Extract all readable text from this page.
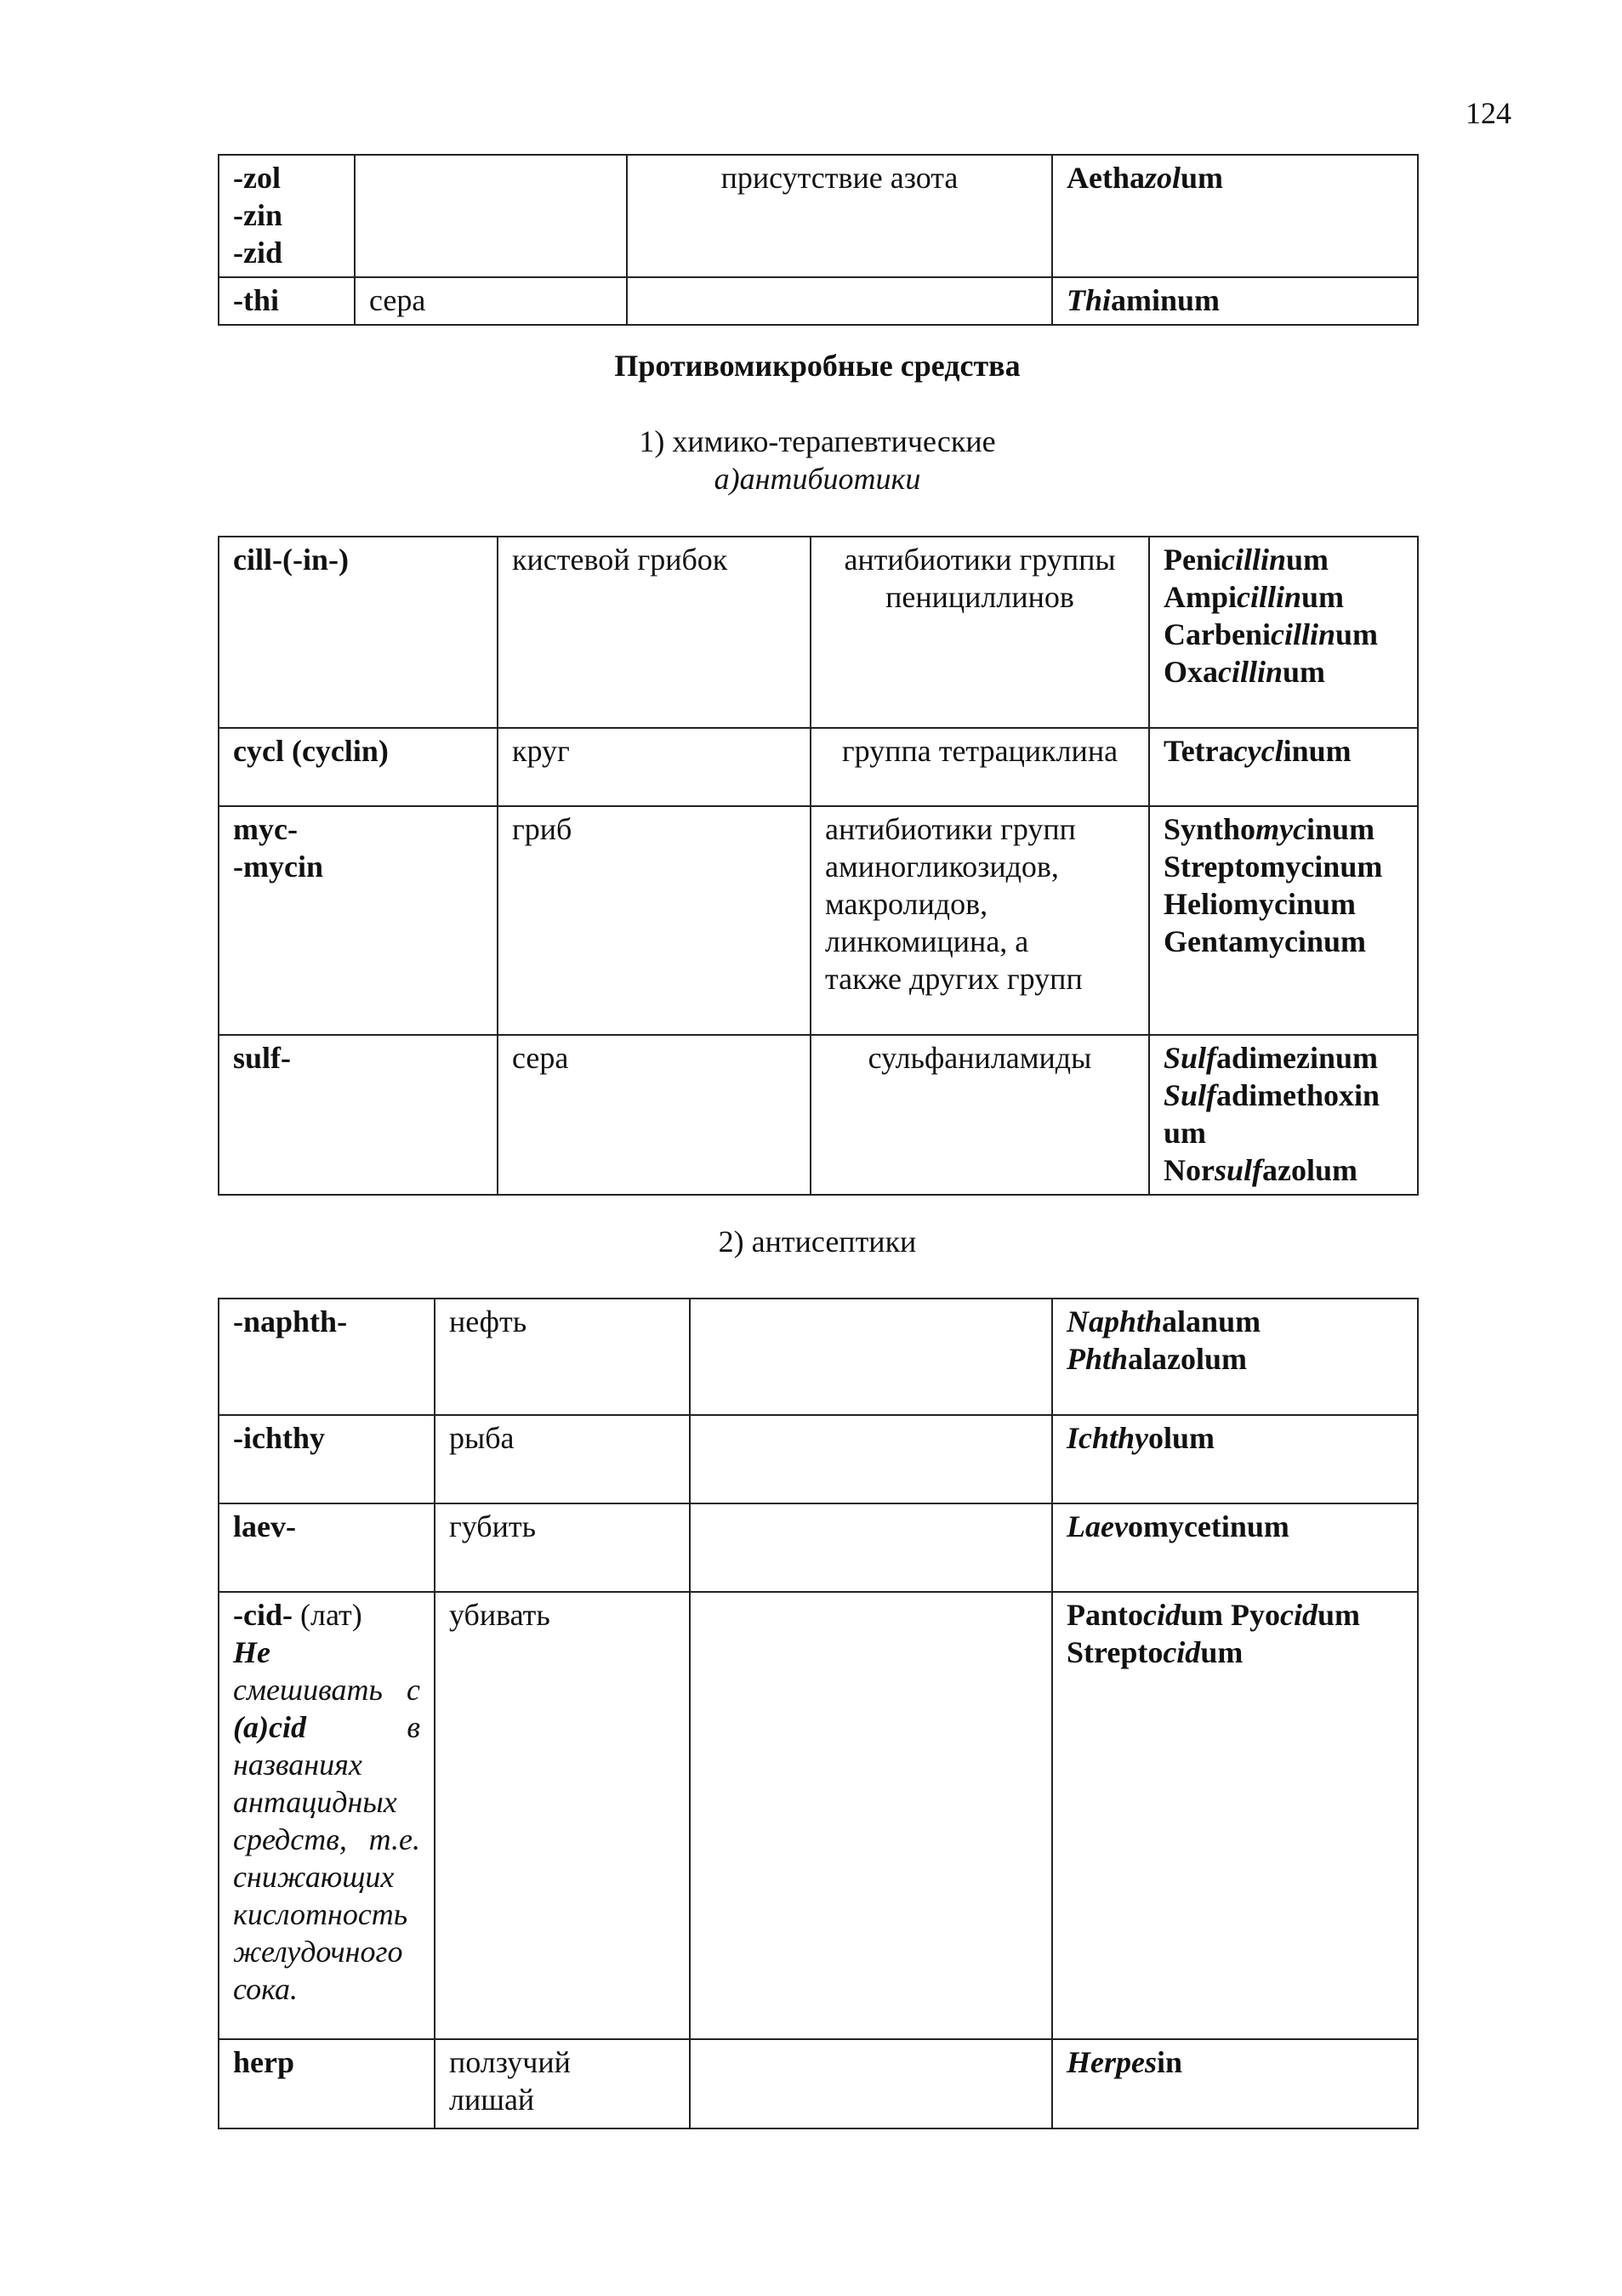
124
-zol
-zin
-zid		присутствие азота	Aethazolum
-thi	сера		Thiaminum
Противомикробные средства
1) химико-терапевтические
а)антибиотики
cill-(-in-)	кистевой грибок	антибиотики группы
пенициллинов	Penicillinum
Ampicillinum
Carbenicillinum
Oxacillinum

cycl (cyclin)	круг	группа тетрациклина	Tetracyclinum

myc-
-mycin	гриб	антибиотики групп
аминогликозидов,
макролидов,
линкомицина, а
также других групп	Synthomycinum
Streptomycinum
Heliomycinum
Gentamycinum

sulf-	сера	сульфаниламиды	Sulfadimezinum
Sulfadimethoxin
um
Norsulfazolum
2) антисептики
-naphth-	нефть		Naphthalanum
Phthalazolum

-ichthy	рыба		Ichthyolum

laev-	губить		Laevomycetinum

-cid- (лат)
Не смешивать с (a)cid в названиях антацидных средств, т.е. снижающих кислотность желудочного сока.	убивать		Pantocidum Pyocidum
Streptocidum

herp	ползучий
лишай		Herpesin
